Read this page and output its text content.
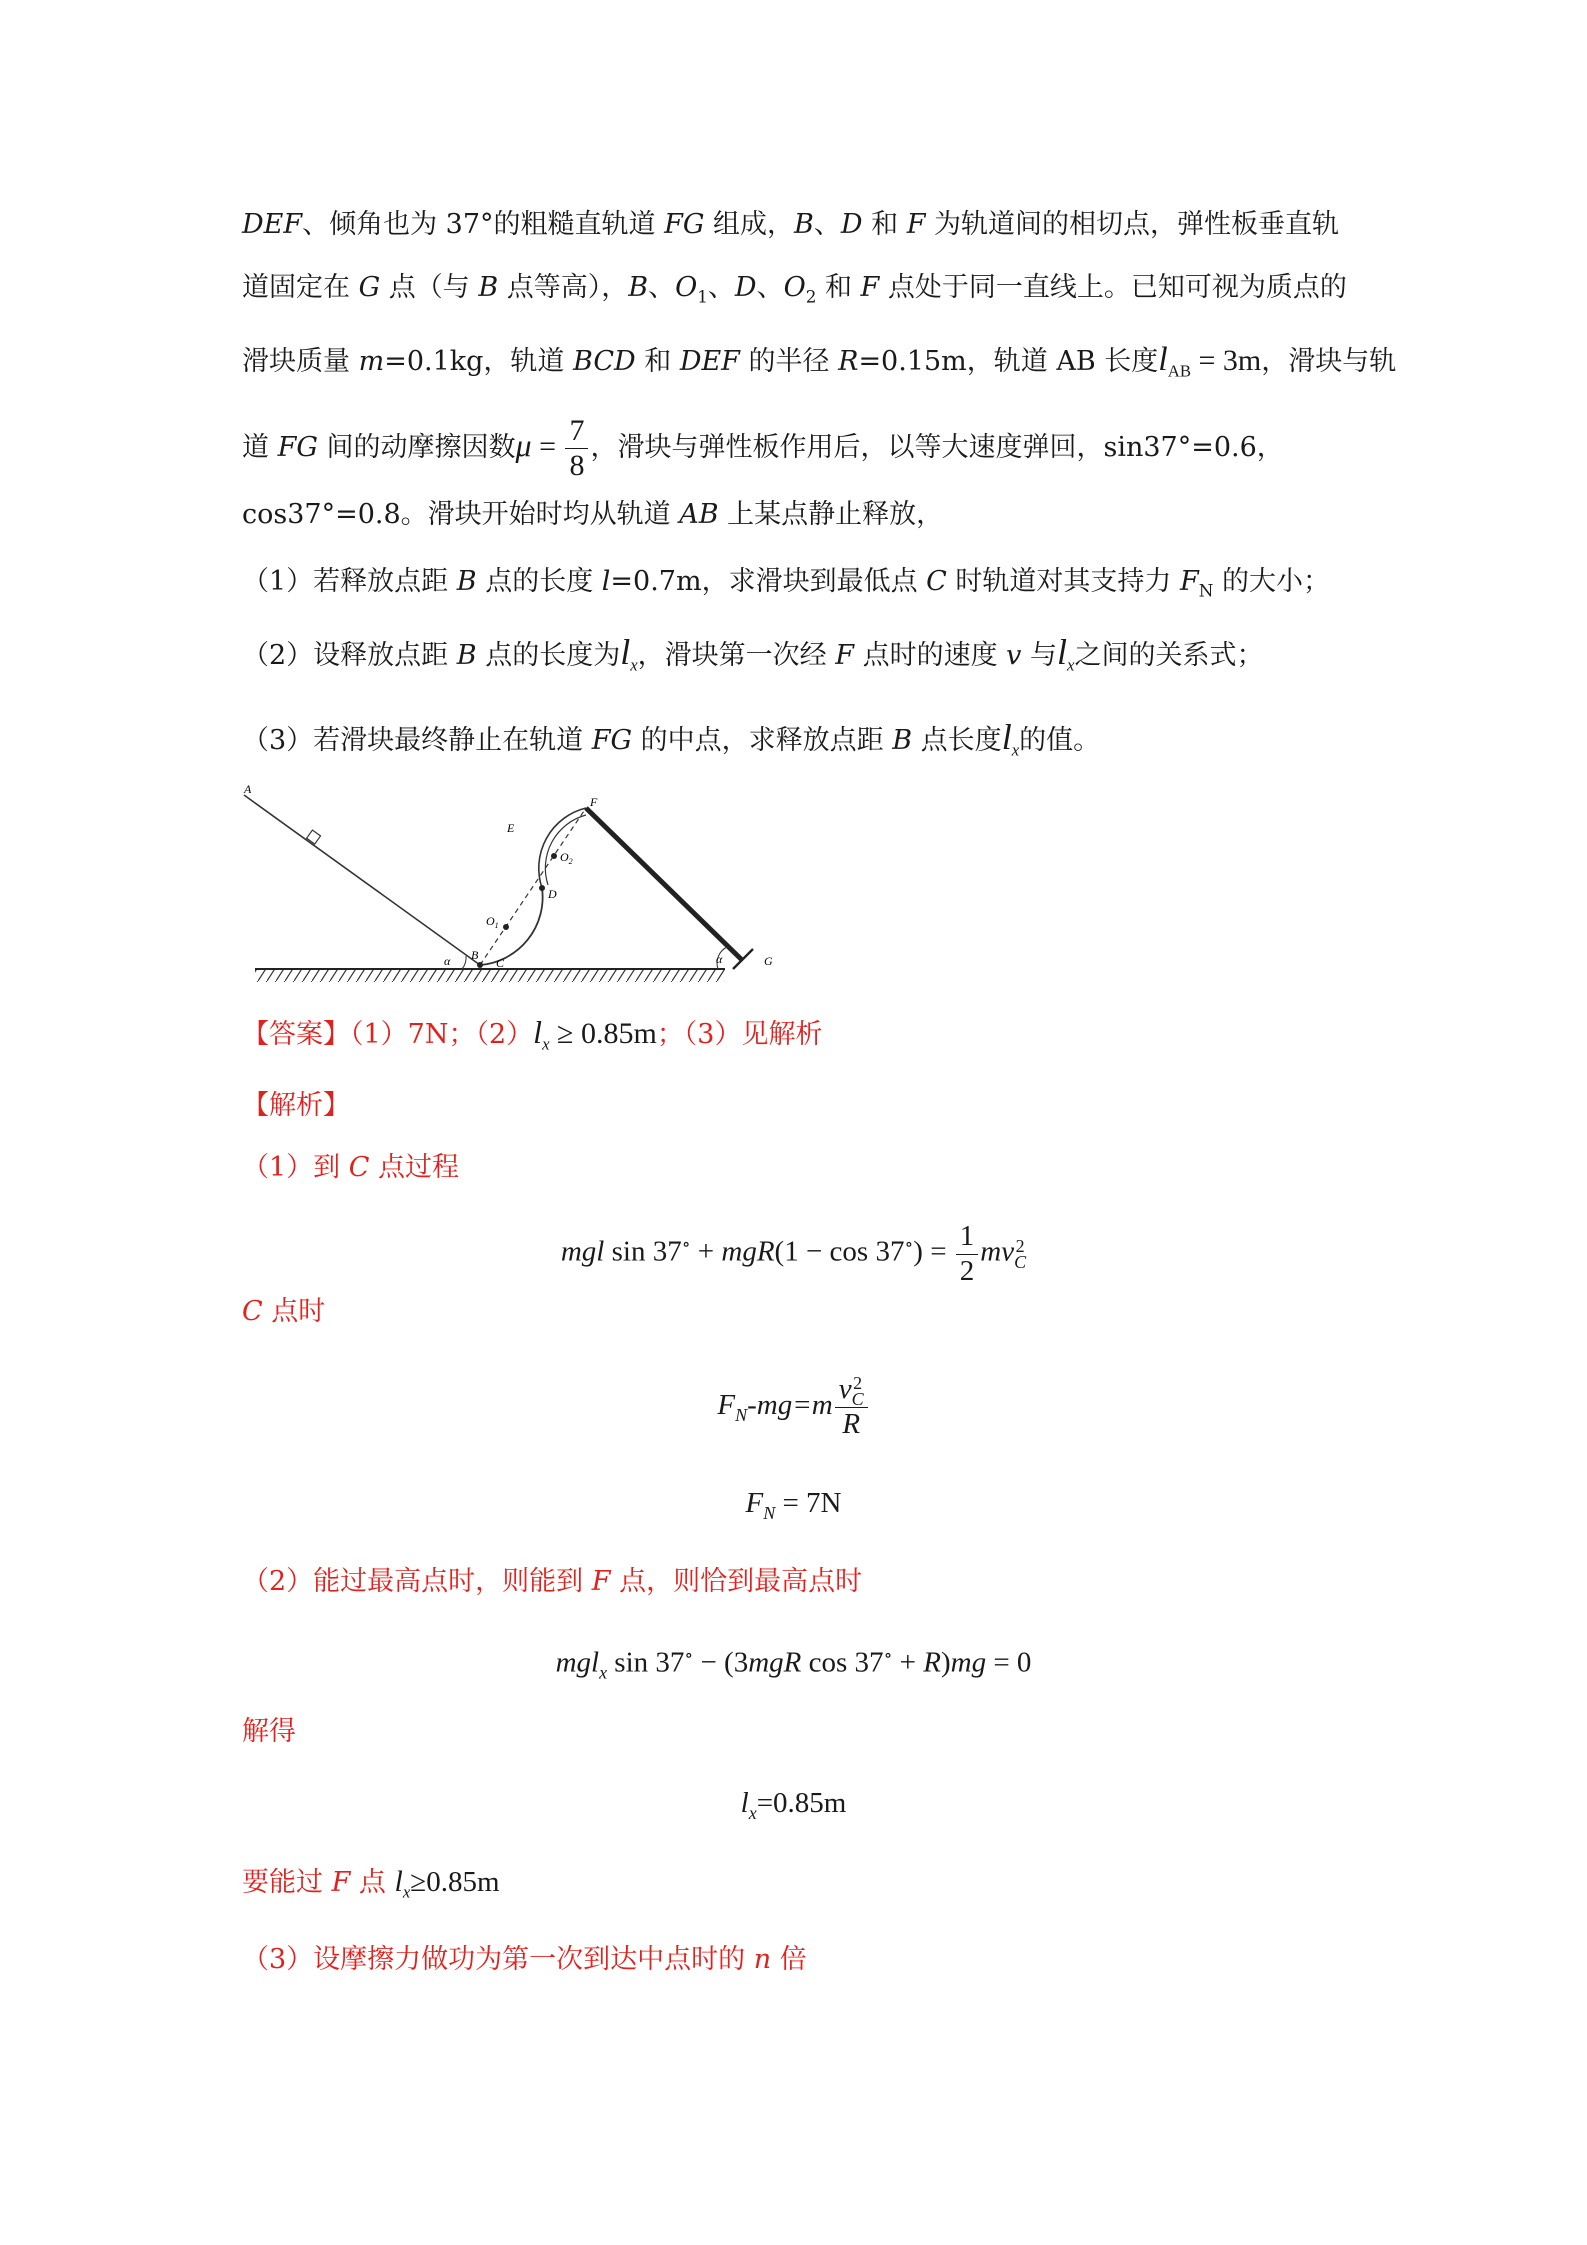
DEF、倾角也为 37°的粗糙直轨道 FG 组成，B、D 和 F 为轨道间的相切点，弹性板垂直轨
道固定在 G 点（与 B 点等高），B、$O_1$、D、$O_2$ 和 F 点处于同一直线上。已知可视为质点的
滑块质量 m=0.1kg，轨道 BCD 和 DEF 的半径 R=0.15m，轨道 AB 长度$l_{AB} = 3m$，滑块与轨
道 FG 间的动摩擦因数$\mu = \frac{7}{8}$ ，滑块与弹性板作用后，以等大速度弹回，sin37°=0.6，
cos37°=0.8。滑块开始时均从轨道 AB 上某点静止释放，
（1）若释放点距 B 点的长度 l=0.7m，求滑块到最低点 C 时轨道对其支持力 $F_N$ 的大小；
（2）设释放点距 B 点的长度为$l_x$，滑块第一次经 F 点时的速度 v 与$l_x$之间的关系式；
（3）若滑块最终静止在轨道 FG 的中点，求释放点距 B 点长度$l_x$的值。
A
B
C
D
E
F
G
$O_1$
$O_2$
α	α
【答案】（1）7N；$(2)l_x \ge 0.85m$；（3）见解析
【解析】
（1）到 C 点过程
mgl $\sin 37^\circ + mgR(1 - \cos 37^\circ) = \frac{1}{2}$ mv 2
C
C 点时
$F_N-mg=m$ v 2
C
R
$F_N = 7N$
（2）能过最高点时，则能到 F 点，则恰到最高点时
mgl$_x$ sin 37∘ − (3mgR cos 37∘ + R)mg = 0
解得
$l_x=0.85m$
要能过 F 点 $l_x\ge 0.85m$
（3）设摩擦力做功为第一次到达中点时的 n 倍
